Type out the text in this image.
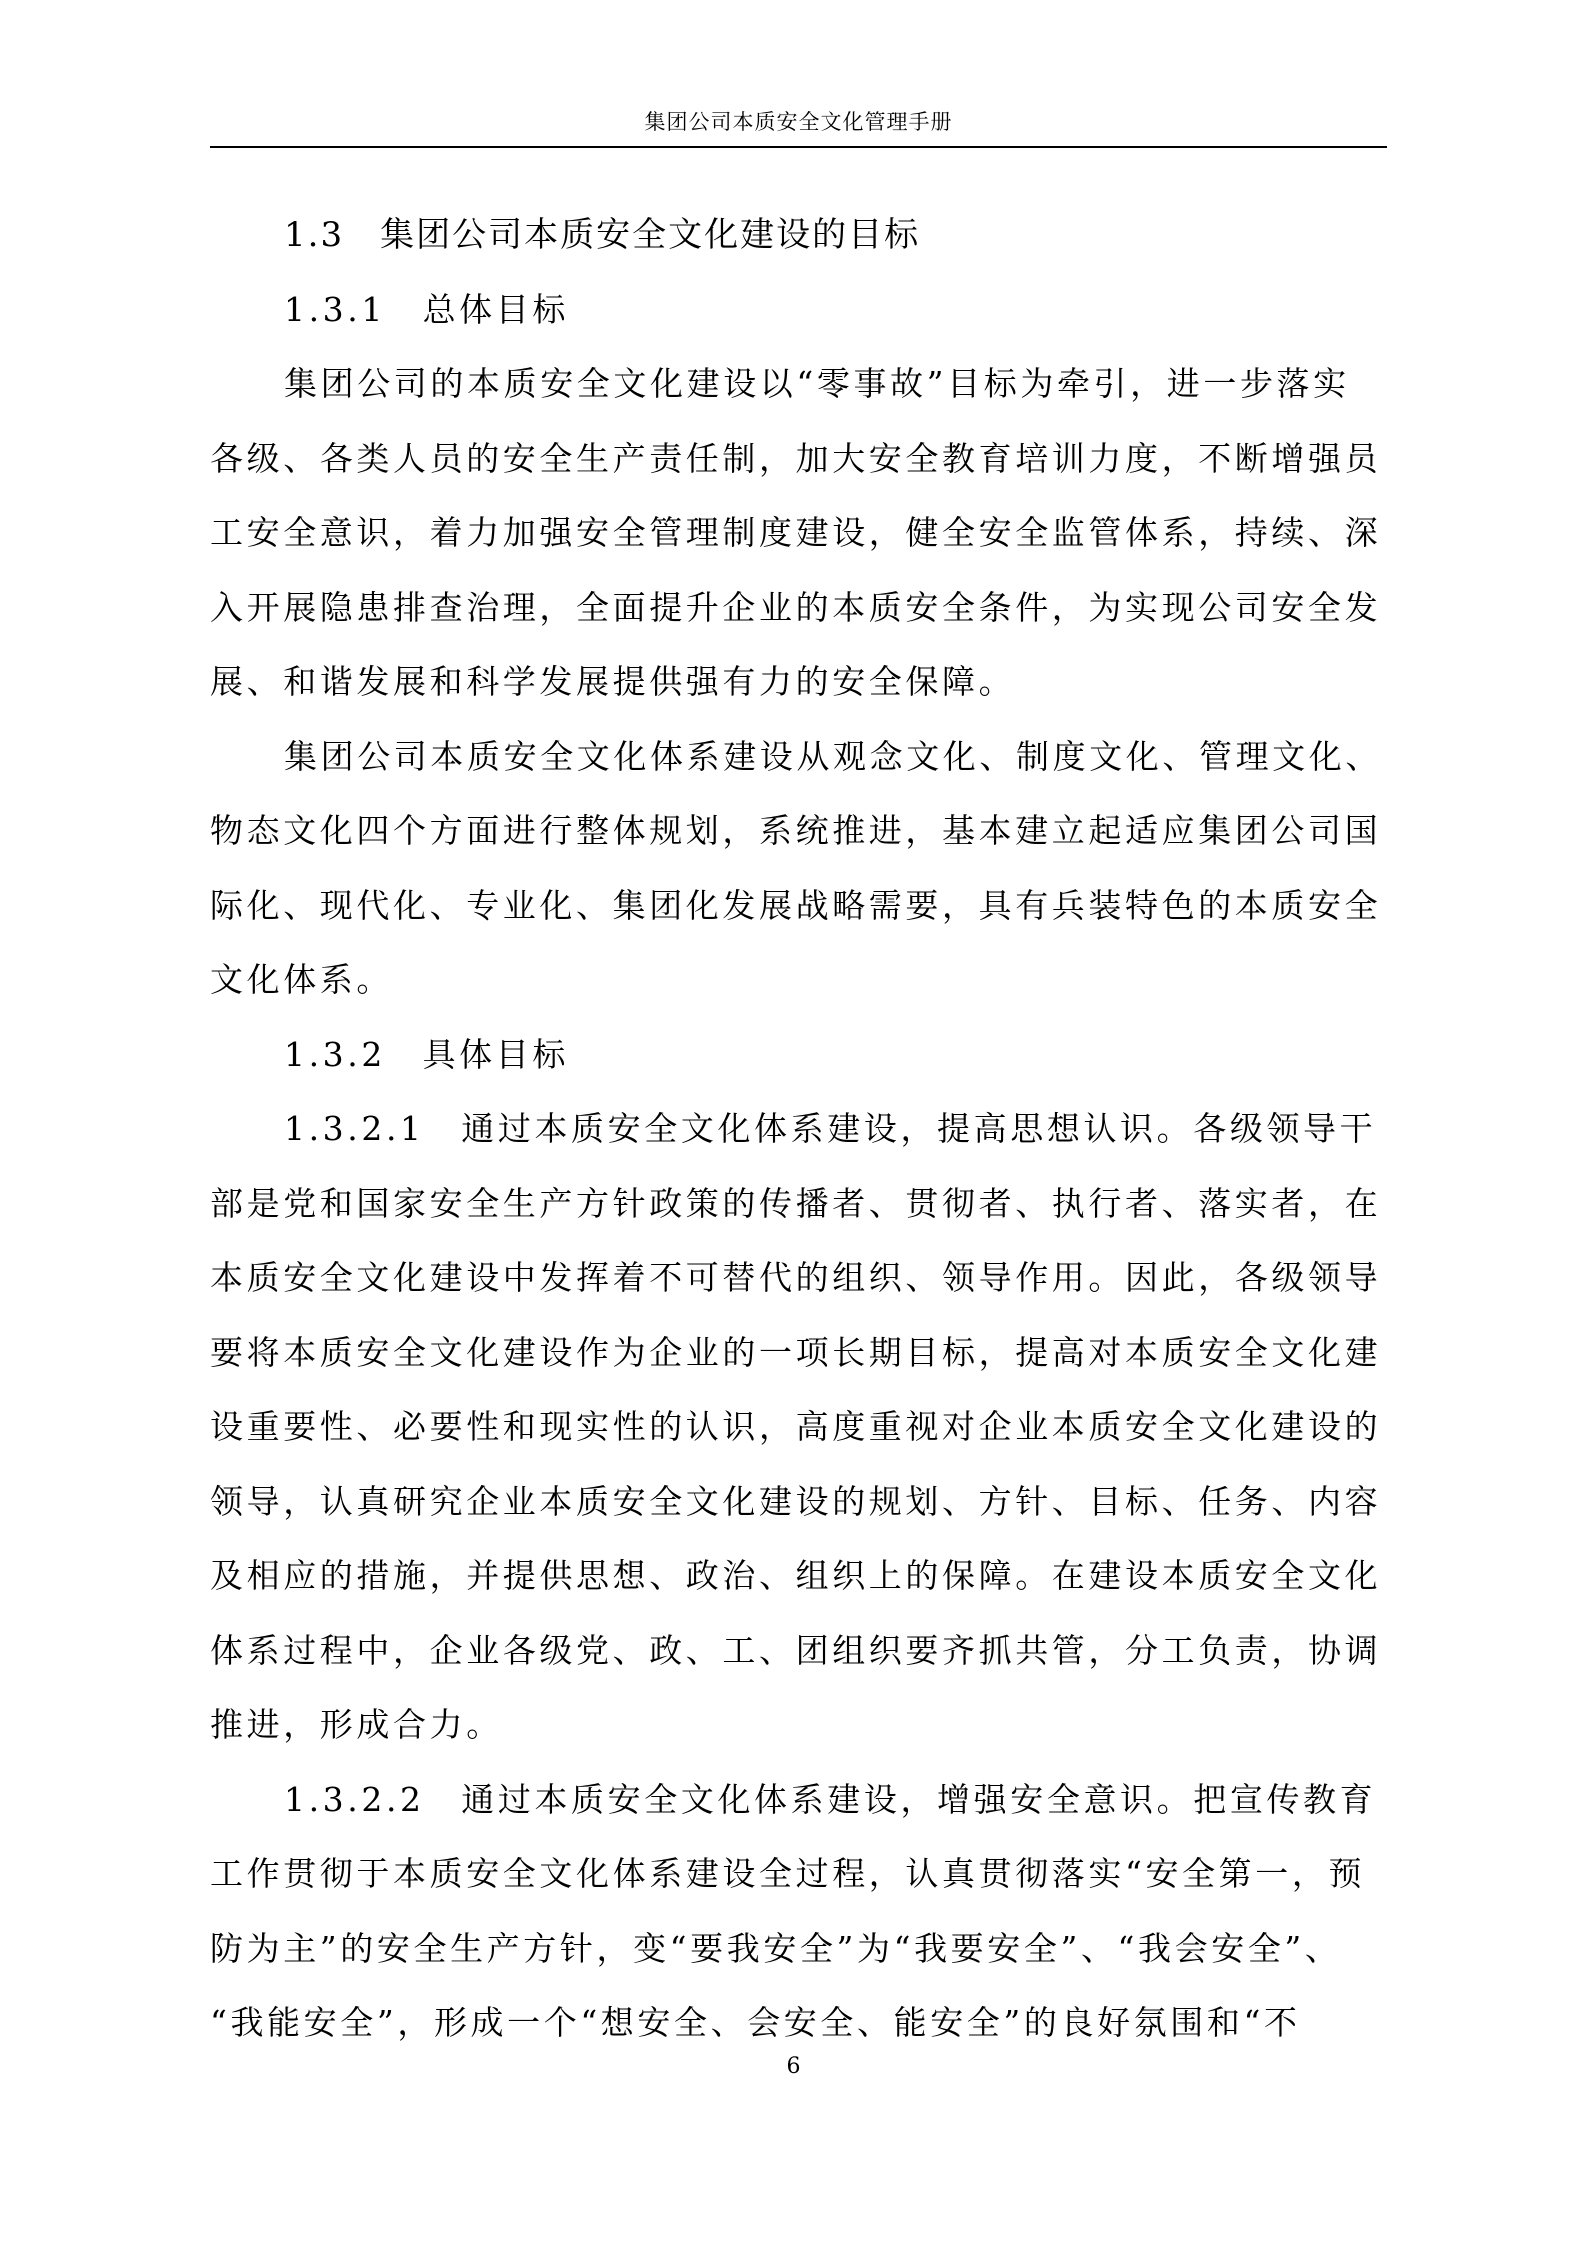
集团公司本质安全文化管理手册
1.3　集团公司本质安全文化建设的目标
1.3.1　总体目标
集团公司的本质安全文化建设以“零事故”目标为牵引，进一步落实
各级、各类人员的安全生产责任制，加大安全教育培训力度，不断增强员
工安全意识，着力加强安全管理制度建设，健全安全监管体系，持续、深
入开展隐患排查治理，全面提升企业的本质安全条件，为实现公司安全发
展、和谐发展和科学发展提供强有力的安全保障。
集团公司本质安全文化体系建设从观念文化、制度文化、管理文化、
物态文化四个方面进行整体规划，系统推进，基本建立起适应集团公司国
际化、现代化、专业化、集团化发展战略需要，具有兵装特色的本质安全
文化体系。
1.3.2　具体目标
1.3.2.1　通过本质安全文化体系建设，提高思想认识。各级领导干
部是党和国家安全生产方针政策的传播者、贯彻者、执行者、落实者，在
本质安全文化建设中发挥着不可替代的组织、领导作用。因此，各级领导
要将本质安全文化建设作为企业的一项长期目标，提高对本质安全文化建
设重要性、必要性和现实性的认识，高度重视对企业本质安全文化建设的
领导，认真研究企业本质安全文化建设的规划、方针、目标、任务、内容
及相应的措施，并提供思想、政治、组织上的保障。在建设本质安全文化
体系过程中，企业各级党、政、工、团组织要齐抓共管，分工负责，协调
推进，形成合力。
1.3.2.2　通过本质安全文化体系建设，增强安全意识。把宣传教育
工作贯彻于本质安全文化体系建设全过程，认真贯彻落实“安全第一，预
防为主”的安全生产方针，变“要我安全”为“我要安全”、“我会安全”、
“我能安全”，形成一个“想安全、会安全、能安全”的良好氛围和“不
6
